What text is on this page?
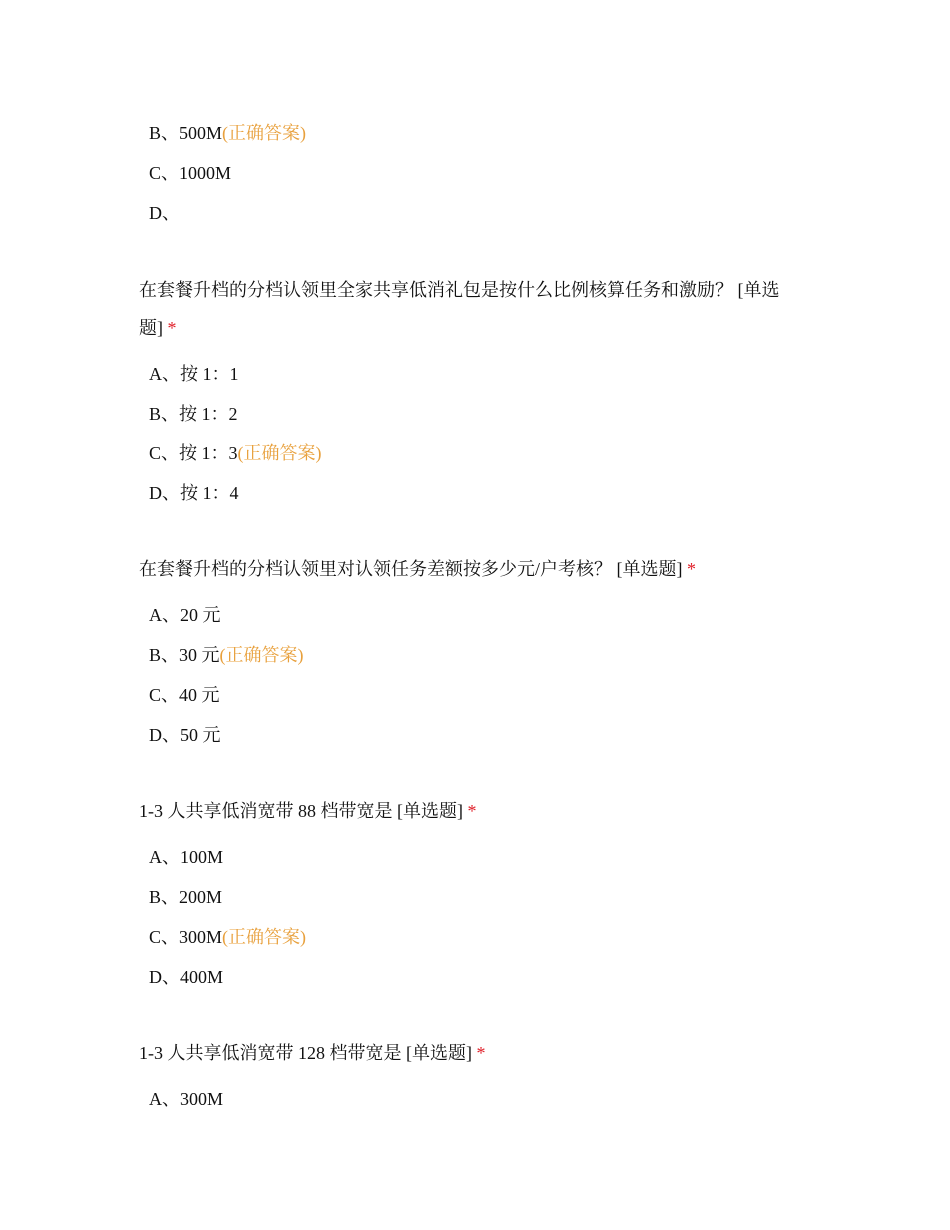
B、500M(正确答案)
C、1000M
D、
在套餐升档的分档认领里全家共享低消礼包是按什么比例核算任务和激励？ [单选
题] *
A、按 1：1
B、按 1：2
C、按 1：3(正确答案)
D、按 1：4
在套餐升档的分档认领里对认领任务差额按多少元/户考核？ [单选题] *
A、20 元
B、30 元(正确答案)
C、40 元
D、50 元
1-3 人共享低消宽带 88 档带宽是 [单选题] *
A、100M
B、200M
C、300M(正确答案)
D、400M
1-3 人共享低消宽带 128 档带宽是 [单选题] *
A、300M
